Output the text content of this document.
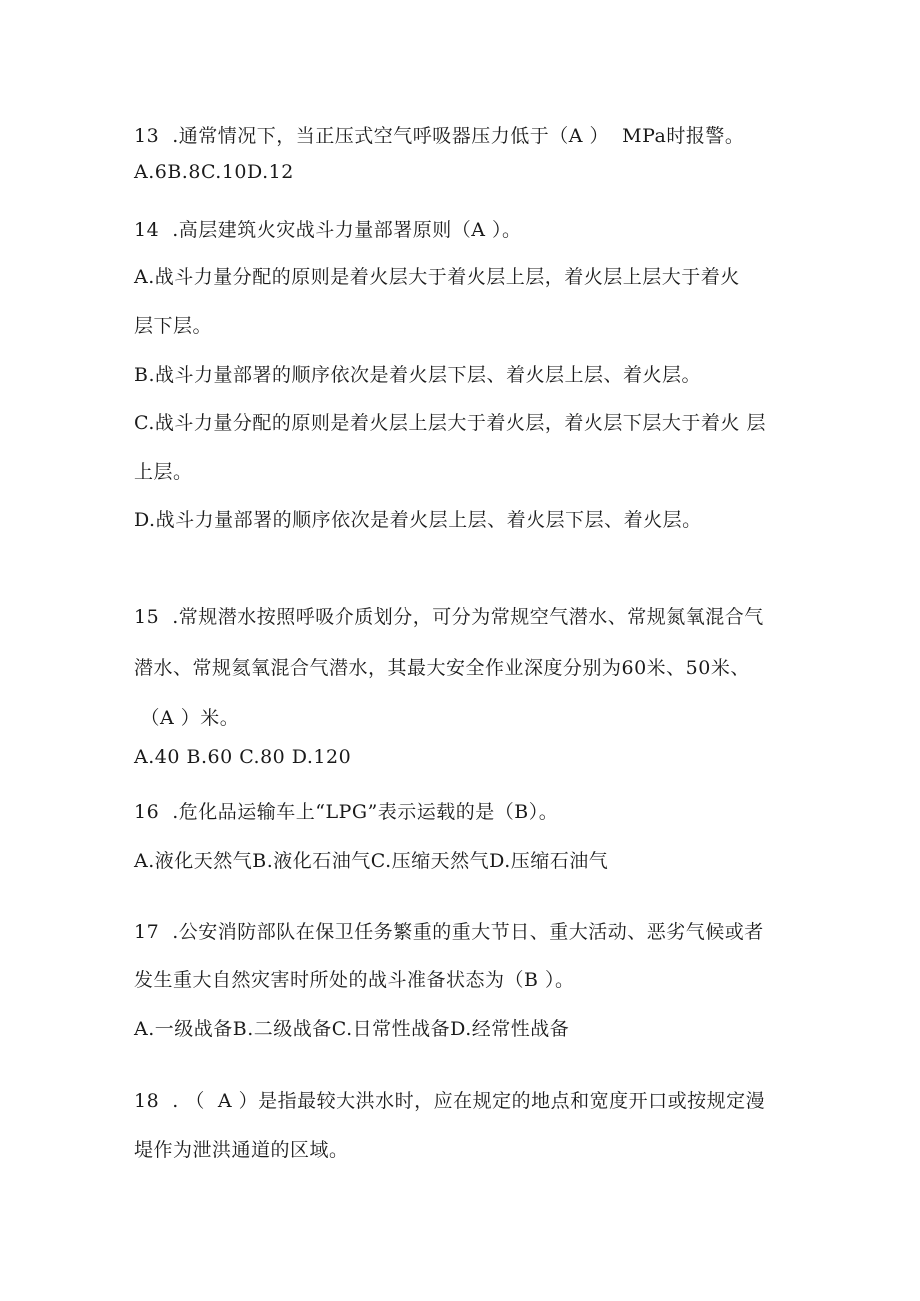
13  .通常情况下，当正压式空气呼吸器压力低于（A ）  MPa时报警。
A.6B.8C.10D.12
14  .高层建筑火灾战斗力量部署原则（A ）。
A.战斗力量分配的原则是着火层大于着火层上层，着火层上层大于着火
层下层。
B.战斗力量部署的顺序依次是着火层下层、着火层上层、着火层。
C.战斗力量分配的原则是着火层上层大于着火层，着火层下层大于着火 层
上层。
D.战斗力量部署的顺序依次是着火层上层、着火层下层、着火层。
15  .常规潜水按照呼吸介质划分，可分为常规空气潜水、常规氮氧混合气
潜水、常规氦氧混合气潜水，其最大安全作业深度分别为60米、50米、
（A ）米。
A.40 B.60 C.80 D.120
16  .危化品运输车上“LPG”表示运载的是（B）。
A.液化天然气B.液化石油气C.压缩天然气D.压缩石油气
17  .公安消防部队在保卫任务繁重的重大节日、重大活动、恶劣气候或者
发生重大自然灾害时所处的战斗准备状态为（B ）。
A.一级战备B.二级战备C.日常性战备D.经常性战备
18  . （  A ）是指最较大洪水时，应在规定的地点和宽度开口或按规定漫
堤作为泄洪通道的区域。
